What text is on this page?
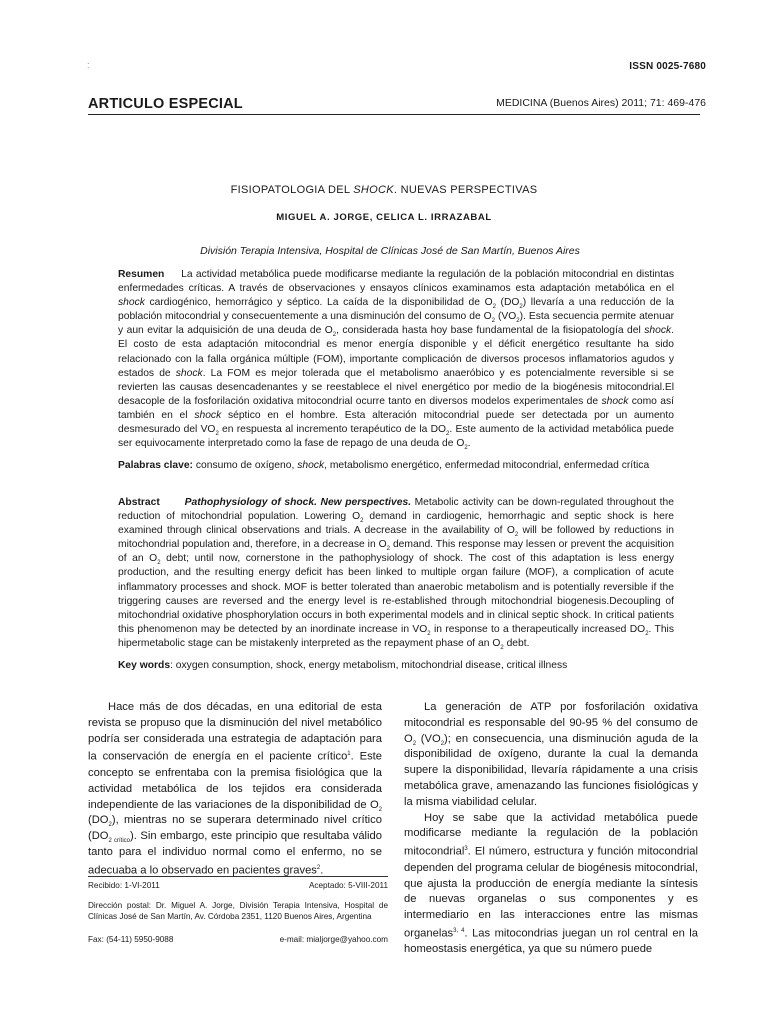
:	ISSN 0025-7680
ARTICULO ESPECIAL	MEDICINA (Buenos Aires) 2011; 71: 469-476
FISIOPATOLOGIA DEL SHOCK. NUEVAS PERSPECTIVAS
MIGUEL A. JORGE, CELICA L. IRRAZABAL
División Terapia Intensiva, Hospital de Clínicas José de San Martín, Buenos Aires

Resumen La actividad metabólica puede modificarse mediante la regulación de la población mitocondrial en distintas enfermedades críticas. A través de observaciones y ensayos clínicos examinamos esta adaptación metabólica en el shock cardiogénico, hemorrágico y séptico. La caída de la disponibilidad de $O_2$ $(DO_2)$ llevaría a una reducción de la población mitocondrial y consecuentemente a una disminución del consumo de $O_2$ $(VO_2)$. Esta secuencia permite atenuar y aun evitar la adquisición de una deuda de $O_2$, considerada hasta hoy base fundamental de la fisiopatología del shock. El costo de esta adaptación mitocondrial es menor energía disponible y el déficit energético resultante ha sido relacionado con la falla orgánica múltiple (FOM), importante complicación de diversos procesos inflamatorios agudos y estados de shock. La FOM es mejor tolerada que el metabolismo anaeróbico y es potencialmente reversible si se revierten las causas desencadenantes y se reestablece el nivel energético por medio de la biogénesis mitocondrial.El desacople de la fosforilación oxidativa mitocondrial ocurre tanto en diversos modelos experimentales de shock como así también en el shock séptico en el hombre. Esta alteración mitocondrial puede ser detectada por un aumento desmesurado del $VO_2$ en respuesta al incremento terapéutico de la $DO_2$. Este aumento de la actividad metabólica puede ser equivocamente interpretado como la fase de repago de una deuda de $O_2$.

Palabras clave: consumo de oxígeno, shock, metabolismo energético, enfermedad mitocondrial, enfermedad crítica

Abstract Pathophysiology of shock. New perspectives. Metabolic activity can be down-regulated throughout the reduction of mitochondrial population. Lowering $O_2$ demand in cardiogenic, hemorrhagic and septic shock is here examined through clinical observations and trials. A decrease in the availability of $O_2$ will be followed by reductions in mitochondrial population and, therefore, in a decrease in $O_2$ demand. This response may lessen or prevent the acquisition of an $O_2$ debt; until now, cornerstone in the pathophysiology of shock. The cost of this adaptation is less energy production, and the resulting energy deficit has been linked to multiple organ failure (MOF), a complication of acute inflammatory processes and shock. MOF is better tolerated than anaerobic metabolism and is potentially reversible if the triggering causes are reversed and the energy level is re-established through mitochondrial biogenesis.Decoupling of mitochondrial oxidative phosphorylation occurs in both experimental models and in clinical septic shock. In critical patients this phenomenon may be detected by an inordinate increase in $VO_2$ in response to a therapeutically increased $DO_2$. This hipermetabolic stage can be mistakenly interpreted as the repayment phase of an $O_2$ debt.

Key words: oxygen consumption, shock, energy metabolism, mitochondrial disease, critical illness

Hace más de dos décadas, en una editorial de esta revista se propuso que la disminución del nivel metabólico podría ser considerada una estrategia de adaptación para la conservación de energía en el paciente crítico$^1$. Este concepto se enfrentaba con la premisa fisiológica que la actividad metabólica de los tejidos era considerada independiente de las variaciones de la disponibilidad de $O_2$ $(DO_2)$, mientras no se superara determinado nivel crítico $(DO_{2 crítico})$. Sin embargo, este principio que resultaba válido tanto para el individuo normal como el enfermo, no se adecuaba a lo observado en pacientes graves$^2$.

La generación de ATP por fosforilación oxidativa mitocondrial es responsable del 90-95 % del consumo de $O_2$ $(VO_2)$; en consecuencia, una disminución aguda de la disponibilidad de oxígeno, durante la cual la demanda supere la disponibilidad, llevaría rápidamente a una crisis metabólica grave, amenazando las funciones fisiológicas y la misma viabilidad celular.

Hoy se sabe que la actividad metabólica puede modificarse mediante la regulación de la población mitocondrial$^3$. El número, estructura y función mitocondrial dependen del programa celular de biogénesis mitocondrial, que ajusta la producción de energía mediante la síntesis de nuevas organelas o sus componentes y es intermediario en las interacciones entre las mismas organelas$^{3, 4}$. Las mitocondrias juegan un rol central en la homeostasis energética, ya que su número puede

Recibido: 1-VI-2011	Aceptado: 5-VIII-2011
Dirección postal: Dr. Miguel A. Jorge, División Terapia Intensiva, Hospital de Clínicas José de San Martín, Av. Córdoba 2351, 1120 Buenos Aires, Argentina
Fax: (54-11) 5950-9088	e-mail: mialjorge@yahoo.com
